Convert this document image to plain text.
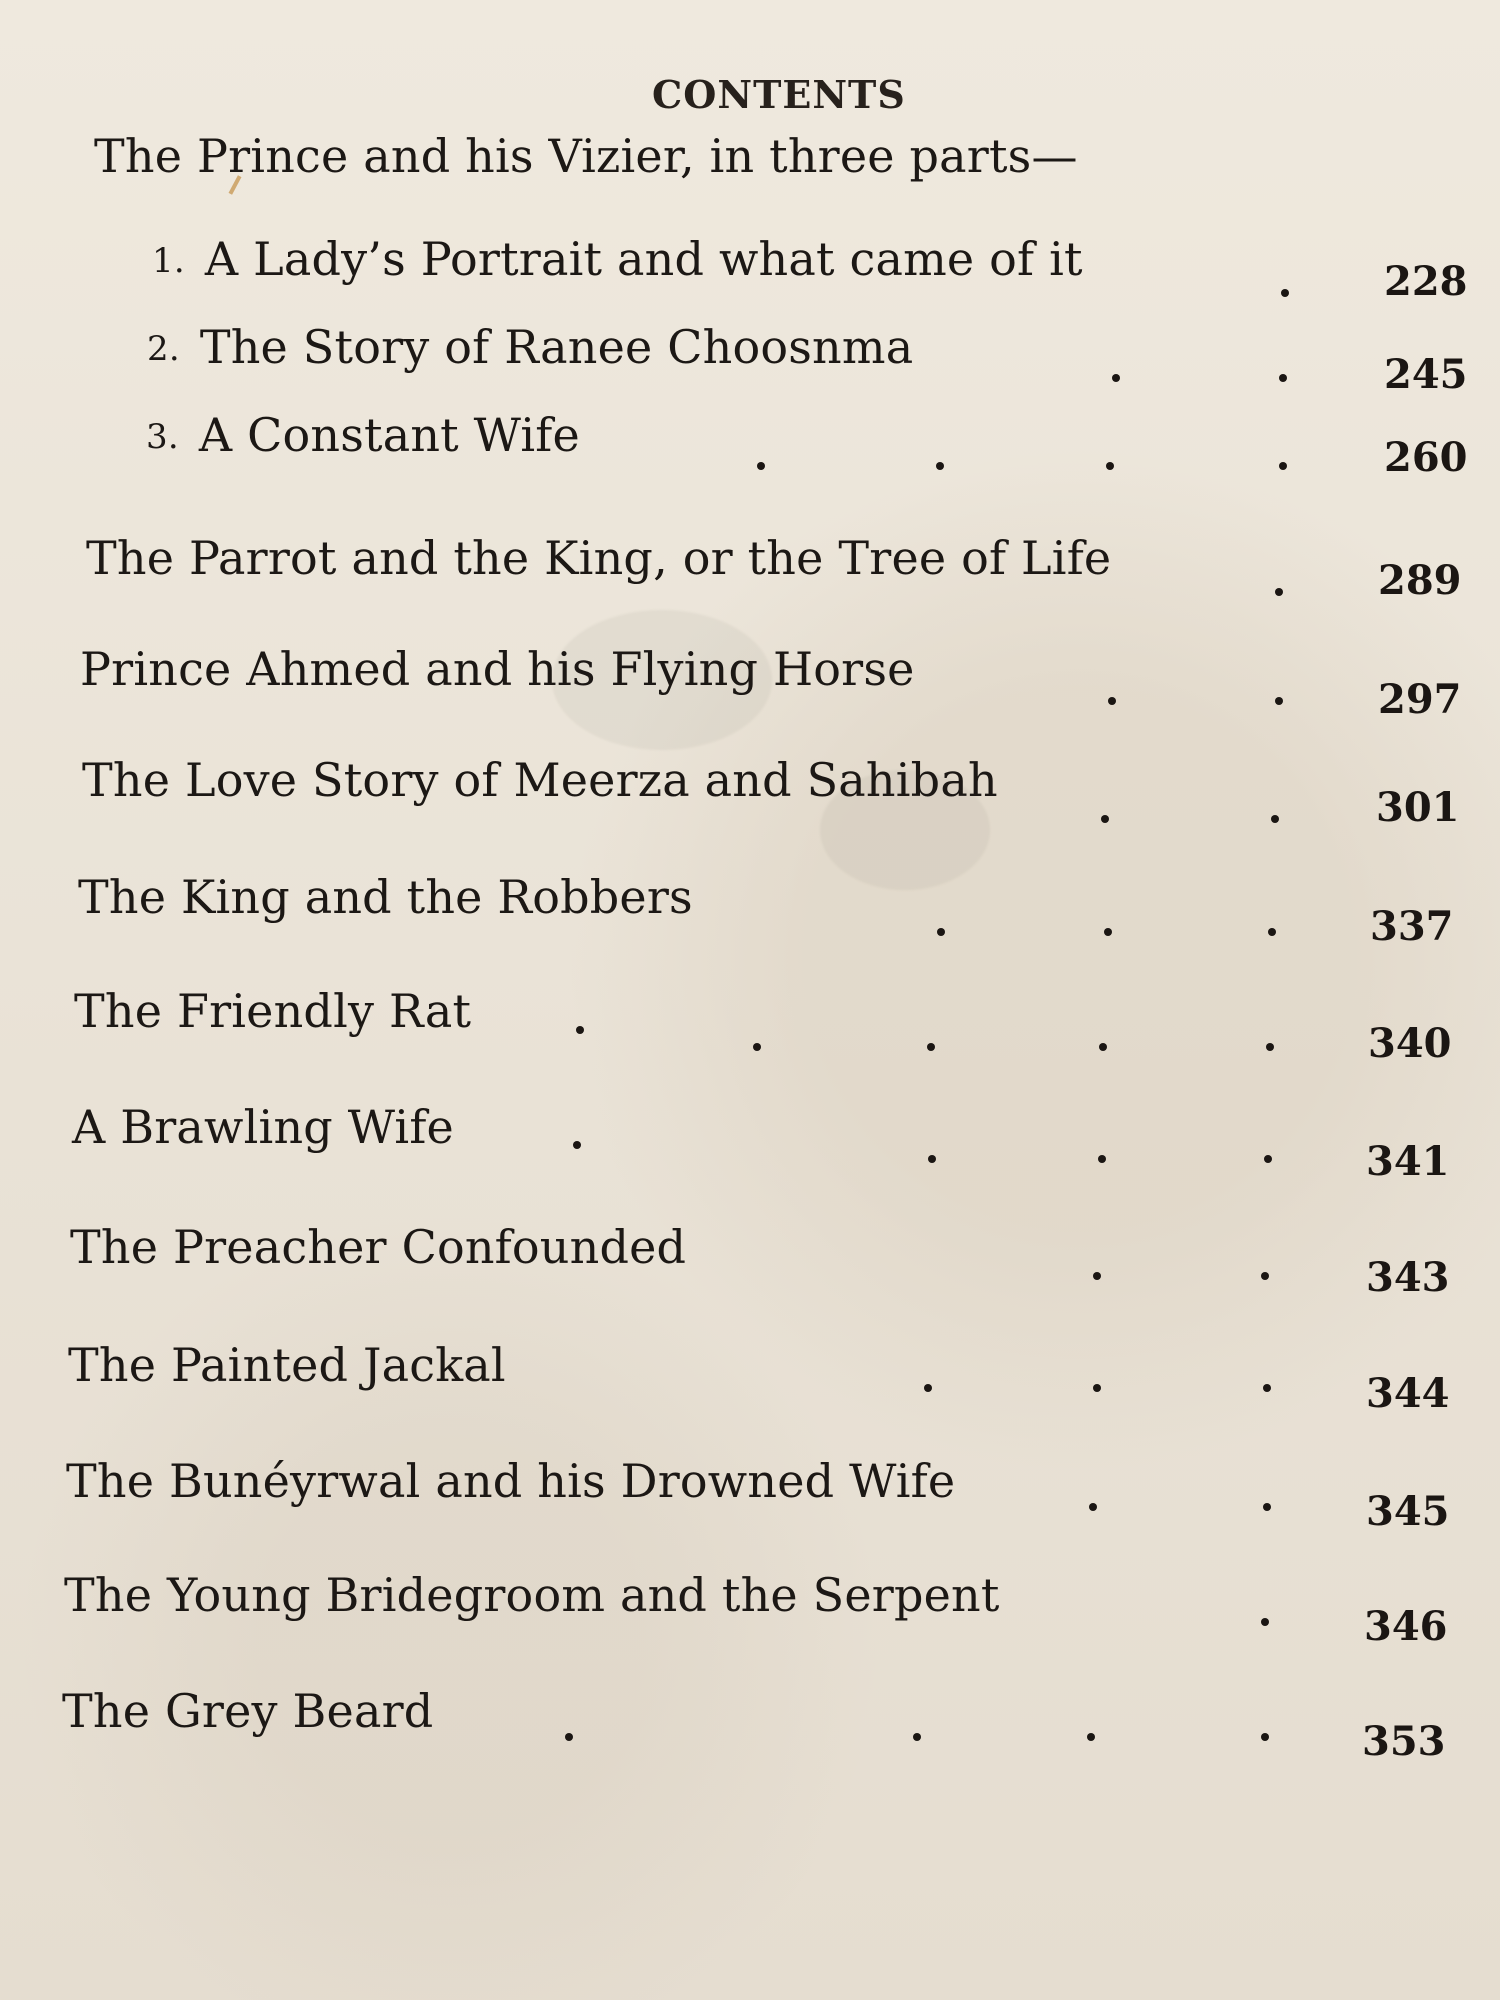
CONTENTS
The Prince and his Vizier, in three parts—
1. A Lady’s Portrait and what came of it
2. The Story of Ranee Choosnma
3. A Constant Wife
The Parrot and the King, or the Tree of Life
Prince Ahmed and his Flying Horse
The Love Story of Meerza and Sahibah
The King and the Robbers
The Friendly Rat
A Brawling Wife
The Preacher Confounded
The Painted Jackal
The Bunéyrwal and his Drowned Wife
The Young Bridegroom and the Serpent
The Grey Beard
228
245
260
289
297
301
337
340
341
343
344
345
346
353
